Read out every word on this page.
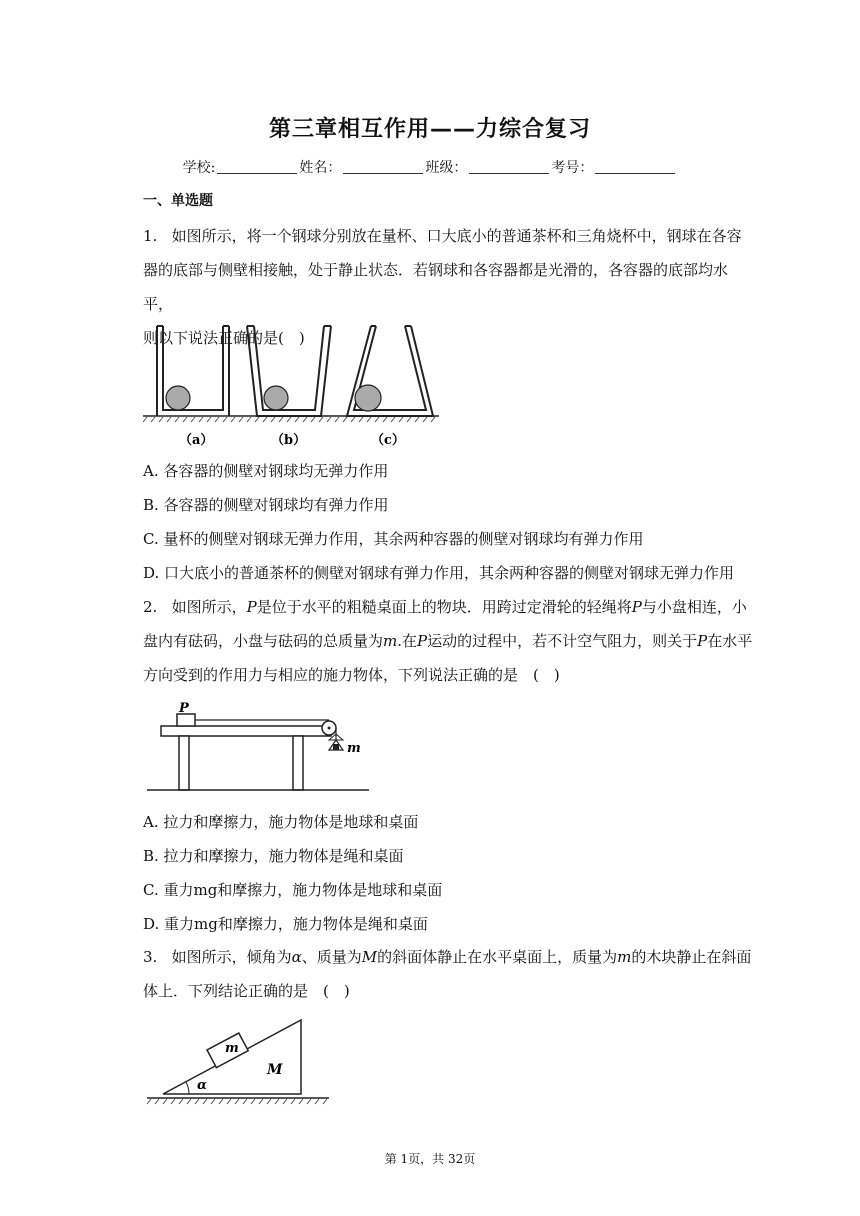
第三章相互作用——力综合复习
学校:	姓名：	班级：	考号：
一、单选题
1. 如图所示，将一个钢球分别放在量杯、口大底小的普通茶杯和三角烧杯中，钢球在各容
器的底部与侧壁相接触，处于静止状态．若钢球和各容器都是光滑的，各容器的底部均水平，
则以下说法正确的是(　)
（a）	（b）	（c）
A. 各容器的侧壁对钢球均无弹力作用
B. 各容器的侧壁对钢球均有弹力作用
C. 量杯的侧壁对钢球无弹力作用，其余两种容器的侧壁对钢球均有弹力作用
D. 口大底小的普通茶杯的侧壁对钢球有弹力作用，其余两种容器的侧壁对钢球无弹力作用
2. 如图所示，P是位于水平的粗糙桌面上的物块．用跨过定滑轮的轻绳将P与小盘相连，小
盘内有砝码，小盘与砝码的总质量为m.在P运动的过程中，若不计空气阻力，则关于P在水平
方向受到的作用力与相应的施力物体，下列说法正确的是　(　)
P
m
A. 拉力和摩擦力，施力物体是地球和桌面
B. 拉力和摩擦力，施力物体是绳和桌面
C. 重力mg和摩擦力，施力物体是地球和桌面
D. 重力mg和摩擦力，施力物体是绳和桌面
3. 如图所示，倾角为α、质量为M的斜面体静止在水平桌面上，质量为m的木块静止在斜面
体上．下列结论正确的是　(　)
α
m
M
第 1页，共 32页
